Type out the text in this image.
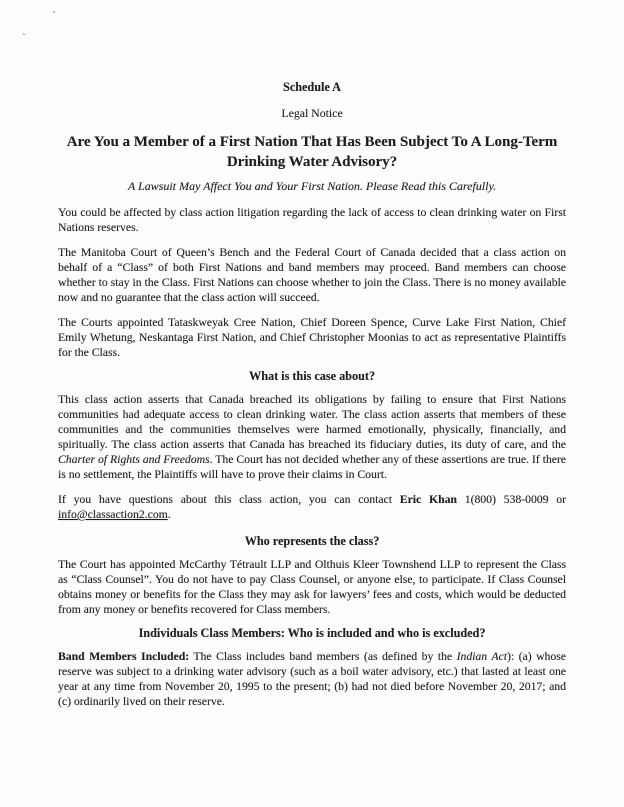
`
`

Schedule A

Legal Notice

Are You a Member of a First Nation That Has Been Subject To A Long-Term
Drinking Water Advisory?

A Lawsuit May Affect You and Your First Nation. Please Read this Carefully.

You could be affected by class action litigation regarding the lack of access to clean drinking water on First Nations reserves.

The Manitoba Court of Queen’s Bench and the Federal Court of Canada decided that a class action on behalf of a “Class” of both First Nations and band members may proceed. Band members can choose whether to stay in the Class. First Nations can choose whether to join the Class. There is no money available now and no guarantee that the class action will succeed.

The Courts appointed Tataskweyak Cree Nation, Chief Doreen Spence, Curve Lake First Nation, Chief Emily Whetung, Neskantaga First Nation, and Chief Christopher Moonias to act as representative Plaintiffs for the Class.

What is this case about?

This class action asserts that Canada breached its obligations by failing to ensure that First Nations communities had adequate access to clean drinking water. The class action asserts that members of these communities and the communities themselves were harmed emotionally, physically, financially, and spiritually. The class action asserts that Canada has breached its fiduciary duties, its duty of care, and the Charter of Rights and Freedoms. The Court has not decided whether any of these assertions are true. If there is no settlement, the Plaintiffs will have to prove their claims in Court.

If you have questions about this class action, you can contact Eric Khan 1(800) 538-0009 or info@classaction2.com.

Who represents the class?

The Court has appointed McCarthy Tétrault LLP and Olthuis Kleer Townshend LLP to represent the Class as “Class Counsel”. You do not have to pay Class Counsel, or anyone else, to participate. If Class Counsel obtains money or benefits for the Class they may ask for lawyers’ fees and costs, which would be deducted from any money or benefits recovered for Class members.

Individuals Class Members: Who is included and who is excluded?

Band Members Included: The Class includes band members (as defined by the Indian Act): (a) whose reserve was subject to a drinking water advisory (such as a boil water advisory, etc.) that lasted at least one year at any time from November 20, 1995 to the present; (b) had not died before November 20, 2017; and (c) ordinarily lived on their reserve.
